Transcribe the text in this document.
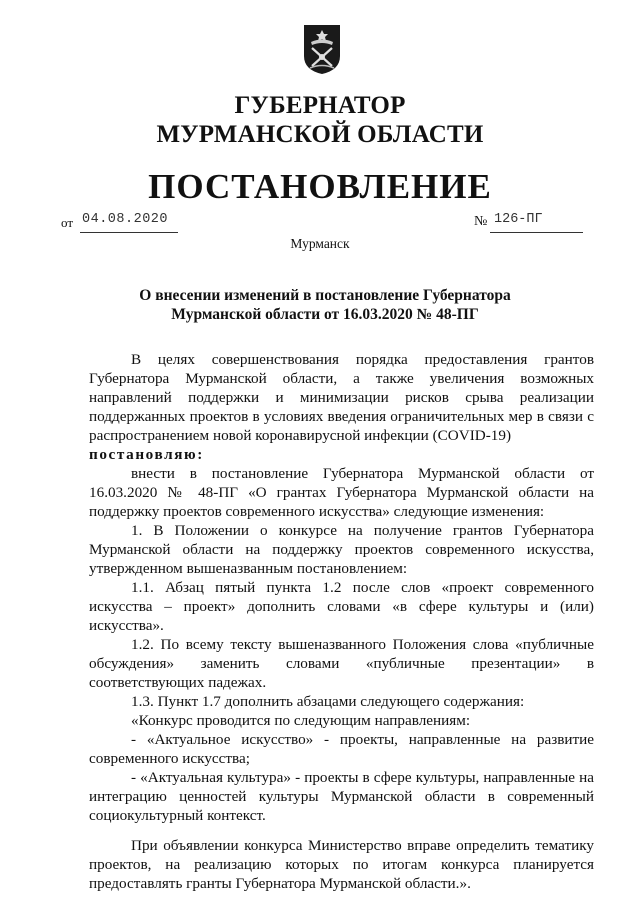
ГУБЕРНАТОР
МУРМАНСКОЙ ОБЛАСТИ
ПОСТАНОВЛЕНИЕ
от 04.08.2020	№ 126-ПГ
Мурманск
О внесении изменений в постановление Губернатора Мурманской области от 16.03.2020 № 48-ПГ

В целях совершенствования порядка предоставления грантов Губернатора Мурманской области, а также увеличения возможных направлений поддержки и минимизации рисков срыва реализации поддержанных проектов в условиях введения ограничительных мер в связи с распространением новой коронавирусной инфекции (COVID-19)

постановляю:

внести в постановление Губернатора Мурманской области от 16.03.2020 № 48-ПГ «О грантах Губернатора Мурманской области на поддержку проектов современного искусства» следующие изменения:

1. В Положении о конкурсе на получение грантов Губернатора Мурманской области на поддержку проектов современного искусства, утвержденном вышеназванным постановлением:

1.1. Абзац пятый пункта 1.2 после слов «проект современного искусства – проект» дополнить словами «в сфере культуры и (или) искусства».

1.2. По всему тексту вышеназванного Положения слова «публичные обсуждения» заменить словами «публичные презентации» в соответствующих падежах.

1.3. Пункт 1.7 дополнить абзацами следующего содержания:

«Конкурс проводится по следующим направлениям:

- «Актуальное искусство» - проекты, направленные на развитие современного искусства;

- «Актуальная культура» - проекты в сфере культуры, направленные на интеграцию ценностей культуры Мурманской области в современный социокультурный контекст.

При объявлении конкурса Министерство вправе определить тематику проектов, на реализацию которых по итогам конкурса планируется предоставлять гранты Губернатора Мурманской области.».
